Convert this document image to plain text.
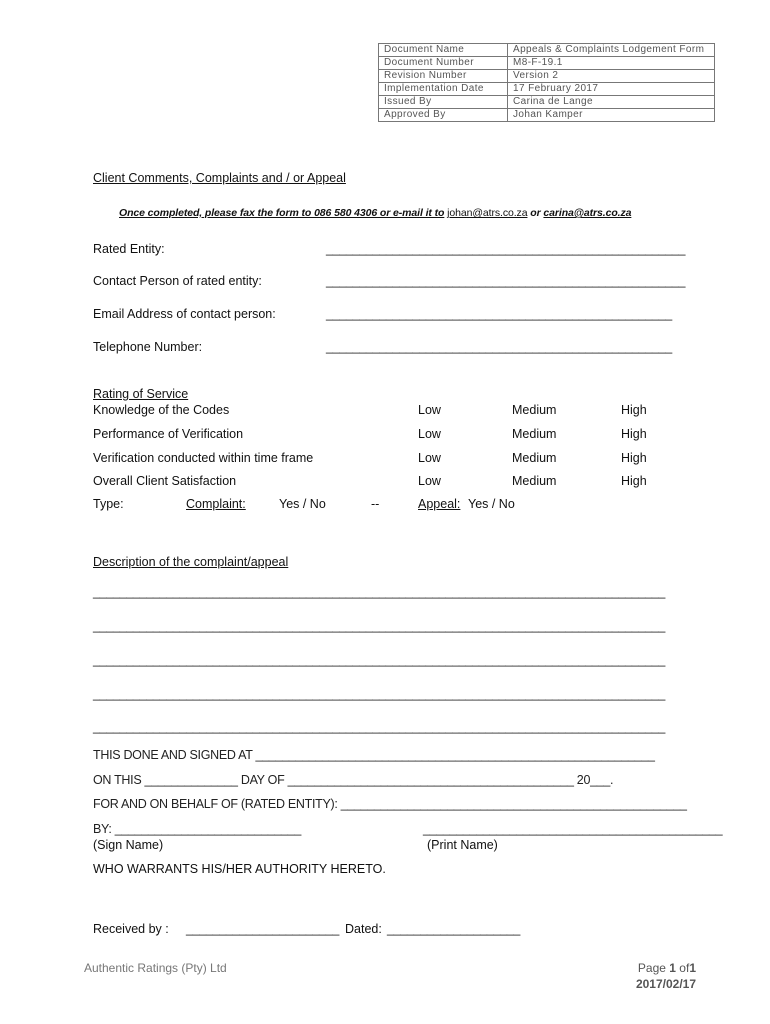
Document Name	Appeals & Complaints Lodgement Form
Document Number	M8-F-19.1
Revision Number	Version 2
Implementation Date	17 February 2017
Issued By	Carina de Lange
Approved By	Johan Kamper
Client Comments, Complaints and / or Appeal
Once completed, please fax the form to 086 580 4306 or e-mail it to johan@atrs.co.za or carina@atrs.co.za
Rated Entity:	______________________________________________________
Contact Person of rated entity:	______________________________________________________
Email Address of contact person:	____________________________________________________
Telephone Number:	____________________________________________________
Rating of Service
Knowledge of the Codes	Low	Medium	High
Performance of Verification	Low	Medium	High
Verification conducted within time frame	Low	Medium	High
Overall Client Satisfaction	Low	Medium	High
Type:	Complaint:	Yes / No	--	Appeal: Yes / No
Description of the complaint/appeal
______________________________________________________________________________________
______________________________________________________________________________________
______________________________________________________________________________________
______________________________________________________________________________________
______________________________________________________________________________________
THIS DONE AND SIGNED AT ____________________________________________________________
ON THIS ______________ DAY OF ___________________________________________ 20___.
FOR AND ON BEHALF OF (RATED ENTITY): ____________________________________________________
BY: ____________________________	_____________________________________________
(Sign Name)	(Print Name)
WHO WARRANTS HIS/HER AUTHORITY HERETO.
Received by : _______________________ Dated: ____________________
Authentic Ratings (Pty) Ltd	Page 1 of1
2017/02/17
